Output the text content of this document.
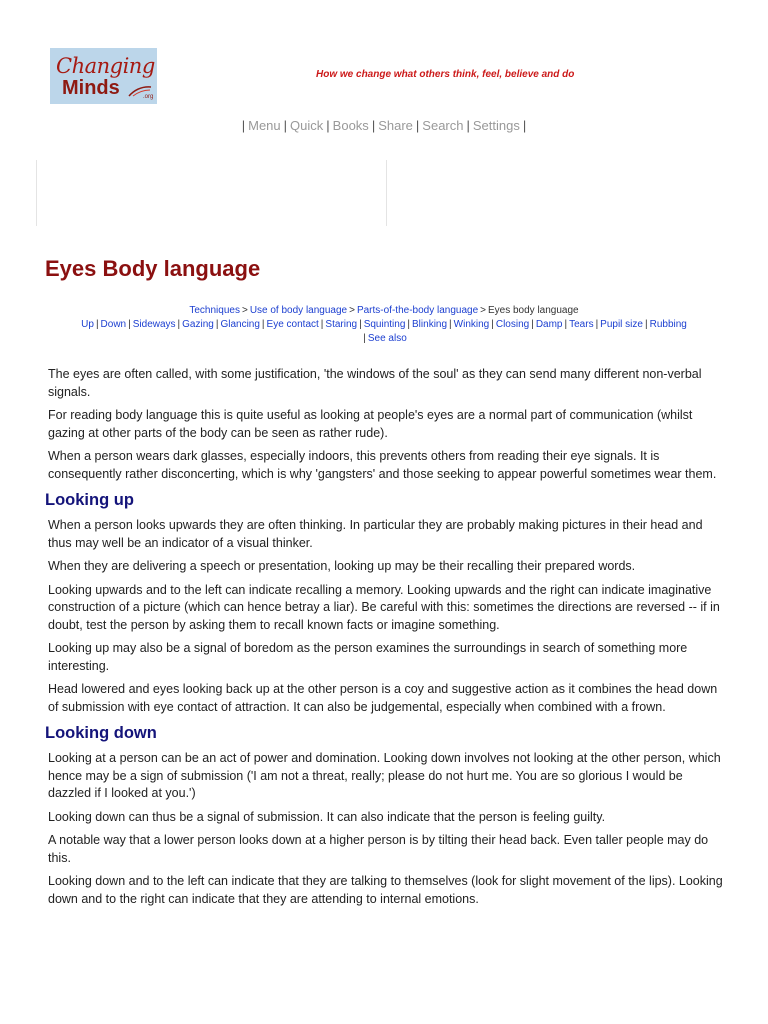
Changing
Minds	.org
How we change what others think, feel, believe and do
| Menu | Quick | Books | Share | Search | Settings |
Eyes Body language
Techniques > Use of body language > Parts-of-the-body language > Eyes body language
Up | Down | Sideways | Gazing | Glancing | Eye contact | Staring | Squinting | Blinking | Winking | Closing | Damp | Tears | Pupil size | Rubbing
| See also

The eyes are often called, with some justification, 'the windows of the soul' as they can send many different non-verbal signals.

For reading body language this is quite useful as looking at people's eyes are a normal part of communication (whilst gazing at other parts of the body can be seen as rather rude).

When a person wears dark glasses, especially indoors, this prevents others from reading their eye signals. It is consequently rather disconcerting, which is why 'gangsters' and those seeking to appear powerful sometimes wear them.

Looking up

When a person looks upwards they are often thinking. In particular they are probably making pictures in their head and thus may well be an indicator of a visual thinker.

When they are delivering a speech or presentation, looking up may be their recalling their prepared words.

Looking upwards and to the left can indicate recalling a memory. Looking upwards and the right can indicate imaginative construction of a picture (which can hence betray a liar). Be careful with this: sometimes the directions are reversed -- if in doubt, test the person by asking them to recall known facts or imagine something.

Looking up may also be a signal of boredom as the person examines the surroundings in search of something more interesting.

Head lowered and eyes looking back up at the other person is a coy and suggestive action as it combines the head down of submission with eye contact of attraction. It can also be judgemental, especially when combined with a frown.

Looking down

Looking at a person can be an act of power and domination. Looking down involves not looking at the other person, which hence may be a sign of submission ('I am not a threat, really; please do not hurt me. You are so glorious I would be dazzled if I looked at you.')

Looking down can thus be a signal of submission. It can also indicate that the person is feeling guilty.

A notable way that a lower person looks down at a higher person is by tilting their head back. Even taller people may do this.

Looking down and to the left can indicate that they are talking to themselves (look for slight movement of the lips). Looking down and to the right can indicate that they are attending to internal emotions.
